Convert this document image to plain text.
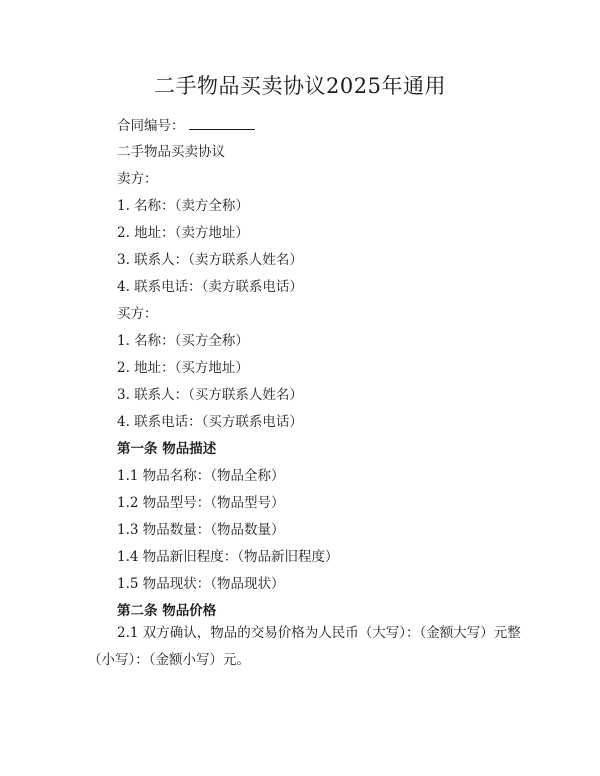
二手物品买卖协议2025年通用
合同编号：
二手物品买卖协议
卖方：
1. 名称：（卖方全称）
2. 地址：（卖方地址）
3. 联系人：（卖方联系人姓名）
4. 联系电话：（卖方联系电话）
买方：
1. 名称：（买方全称）
2. 地址：（买方地址）
3. 联系人：（买方联系人姓名）
4. 联系电话：（买方联系电话）
第一条 物品描述
1.1 物品名称：（物品全称）
1.2 物品型号：（物品型号）
1.3 物品数量：（物品数量）
1.4 物品新旧程度：（物品新旧程度）
1.5 物品现状：（物品现状）
第二条 物品价格
2.1 双方确认，物品的交易价格为人民币（大写）：（金额大写）元整（小写）：（金额小写）元。
